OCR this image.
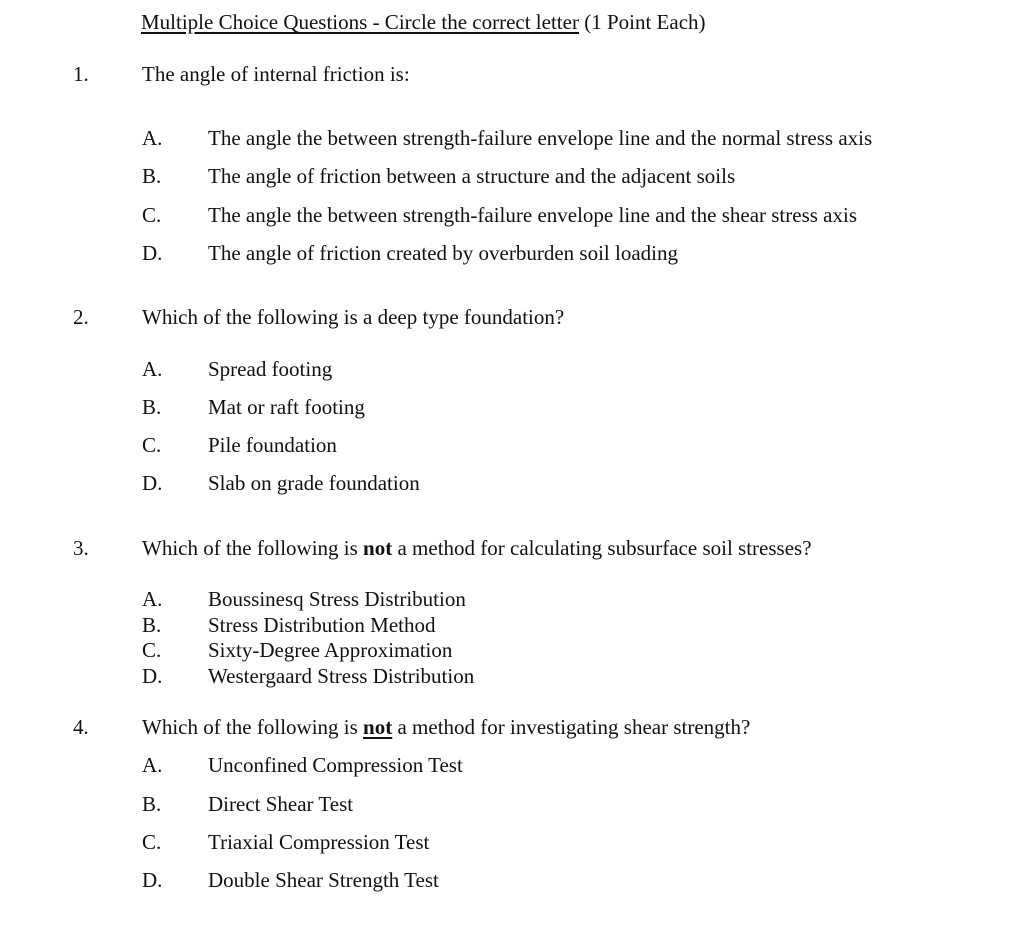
Multiple Choice Questions - Circle the correct letter (1 Point Each)
1.	The angle of internal friction is:
A. The angle the between strength-failure envelope line and the normal stress axis
B. The angle of friction between a structure and the adjacent soils
C. The angle the between strength-failure envelope line and the shear stress axis
D. The angle of friction created by overburden soil loading
2.	Which of the following is a deep type foundation?
A. Spread footing
B. Mat or raft footing
C. Pile foundation
D. Slab on grade foundation
3.	Which of the following is not a method for calculating subsurface soil stresses?
A. Boussinesq Stress Distribution
B. Stress Distribution Method
C. Sixty-Degree Approximation
D. Westergaard Stress Distribution
4.	Which of the following is not a method for investigating shear strength?
A. Unconfined Compression Test
B. Direct Shear Test
C. Triaxial Compression Test
D. Double Shear Strength Test
